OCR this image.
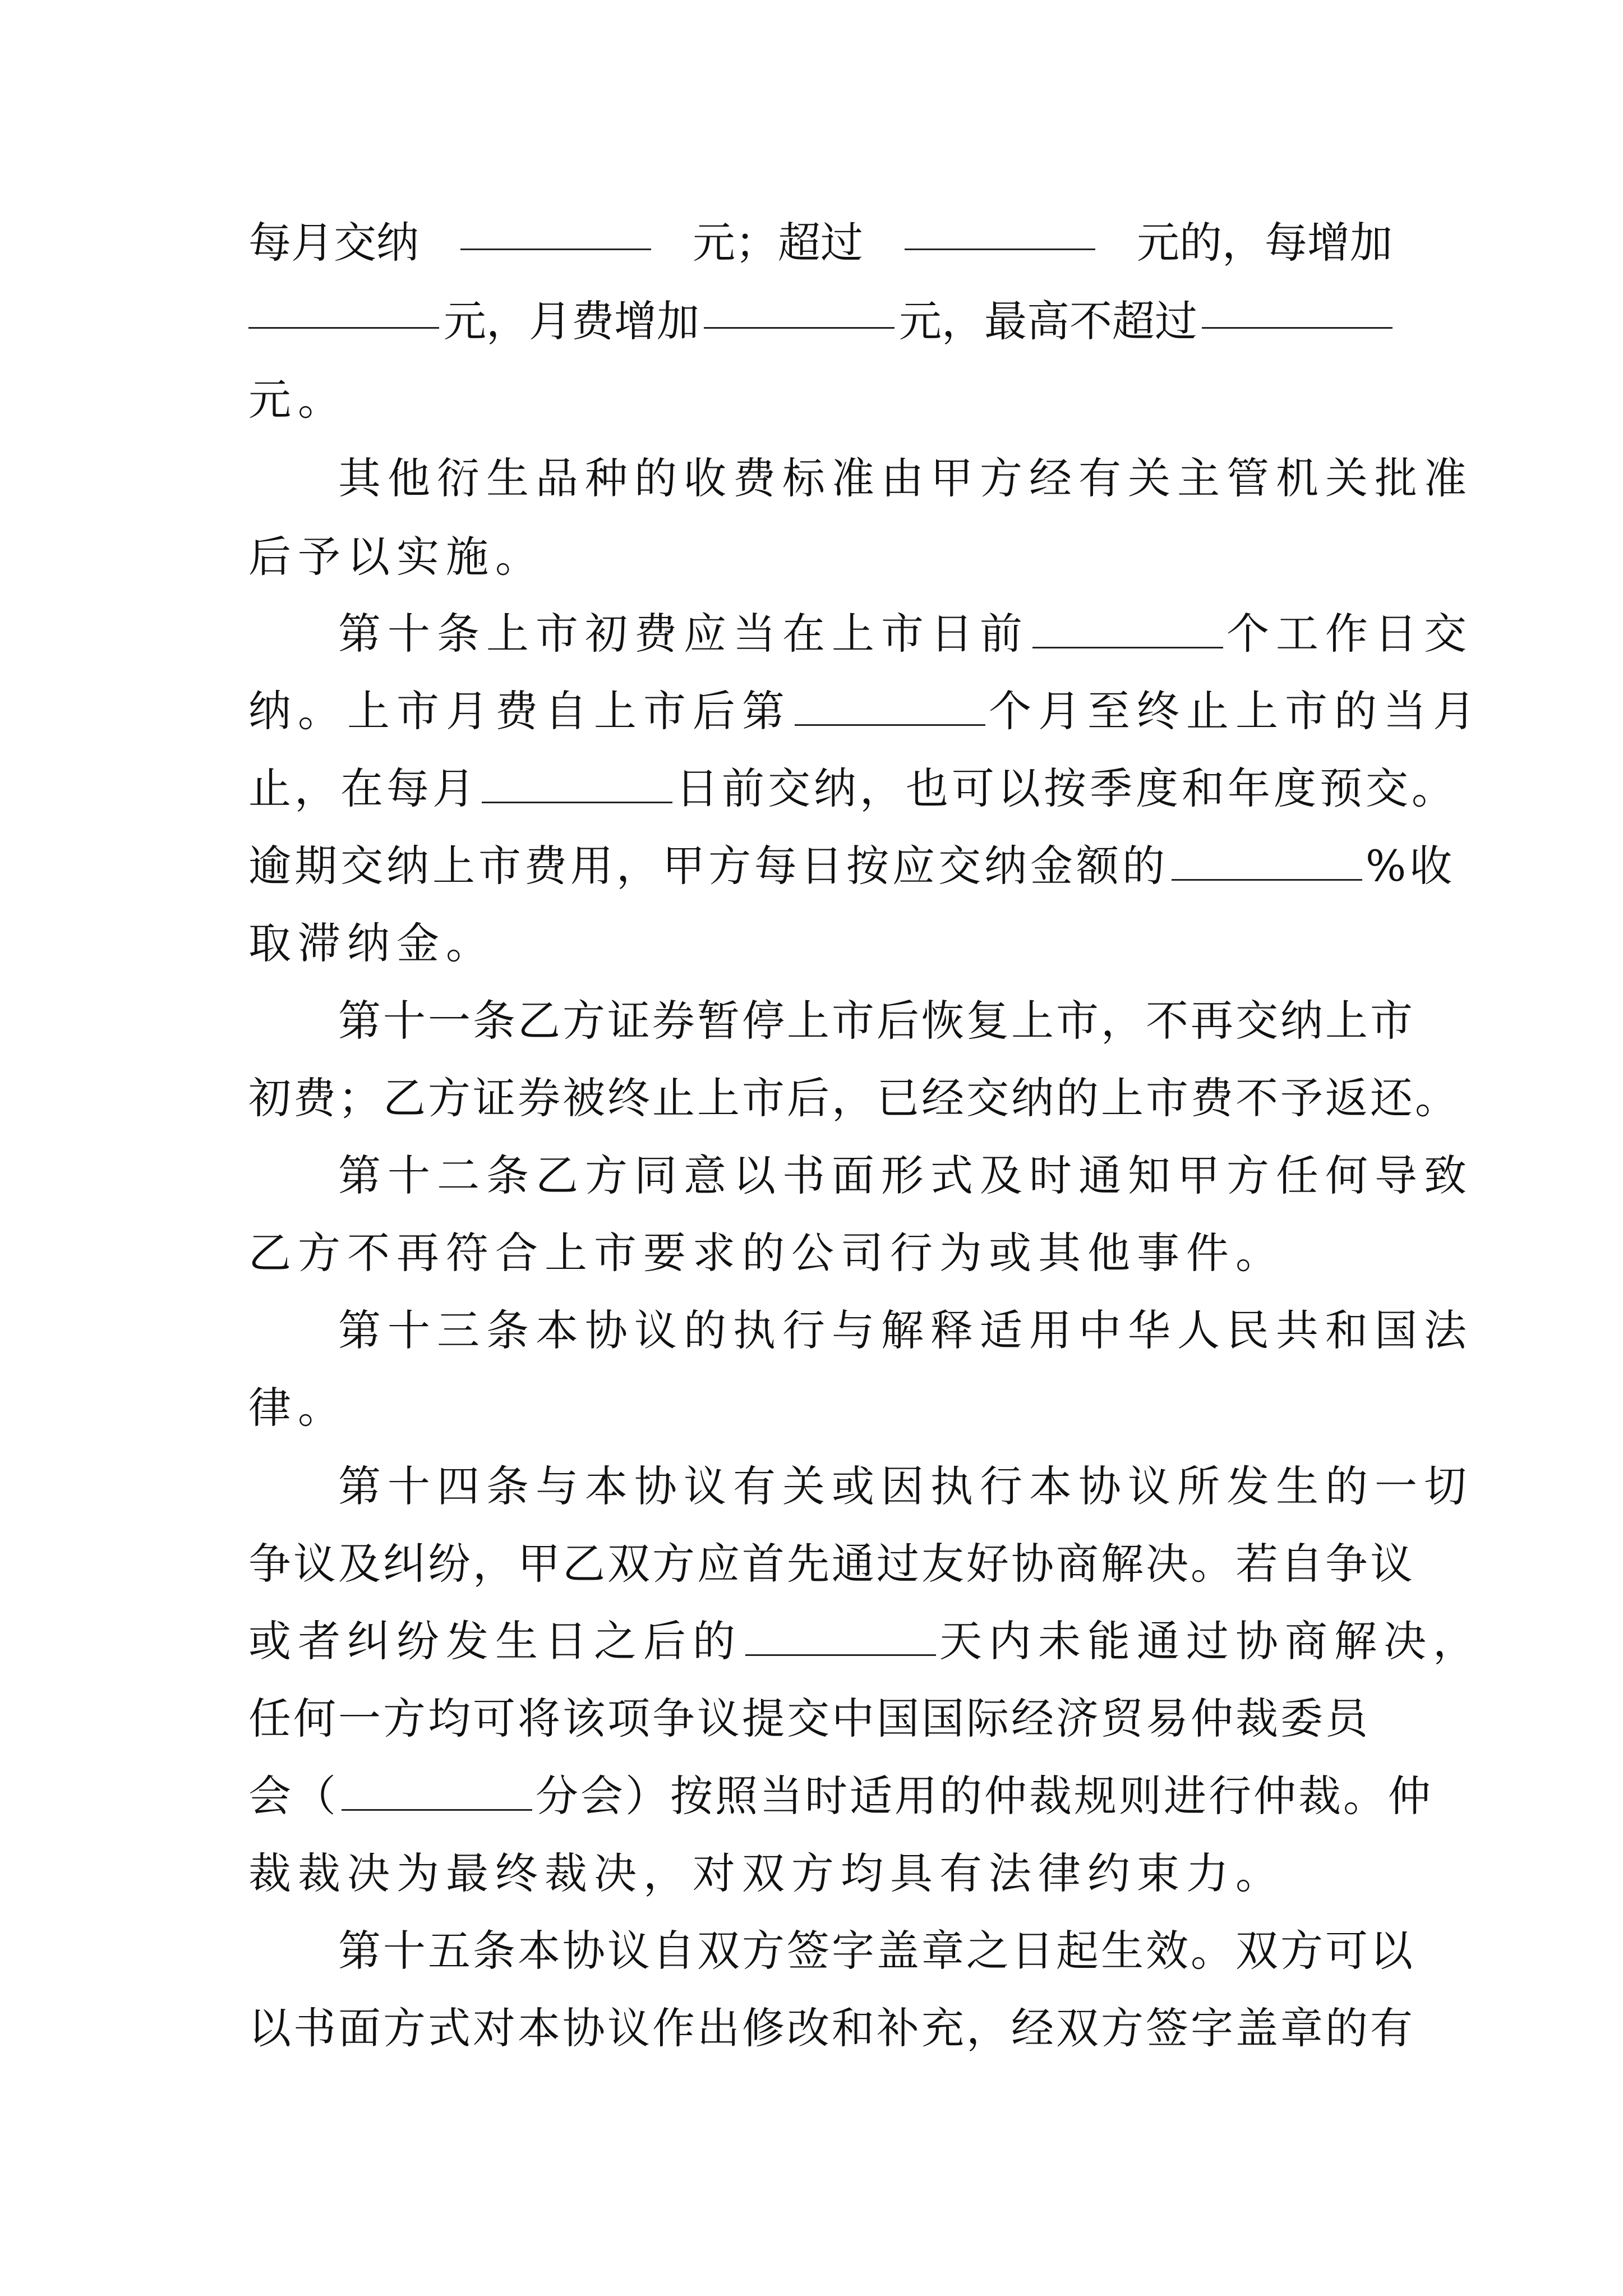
每月交纳	元；超过	元的，每增加
元，月费增加	元，最高不超过
元。
其他衍生品种的收费标准由甲方经有关主管机关批准
后予以实施。
第十条上市初费应当在上市日前	个工作日交
纳。上市月费自上市后第	个月至终止上市的当月
止，在每月	日前交纳，也可以按季度和年度预交。
逾期交纳上市费用，甲方每日按应交纳金额的	%收
取滞纳金。
第十一条乙方证券暂停上市后恢复上市，不再交纳上市
初费；乙方证券被终止上市后，已经交纳的上市费不予返还。
第十二条乙方同意以书面形式及时通知甲方任何导致
乙方不再符合上市要求的公司行为或其他事件。
第十三条本协议的执行与解释适用中华人民共和国法
律。
第十四条与本协议有关或因执行本协议所发生的一切
争议及纠纷，甲乙双方应首先通过友好协商解决。若自争议
或者纠纷发生日之后的	天内未能通过协商解决，
任何一方均可将该项争议提交中国国际经济贸易仲裁委员
会（	分会）按照当时适用的仲裁规则进行仲裁。仲
裁裁决为最终裁决，对双方均具有法律约束力。
第十五条本协议自双方签字盖章之日起生效。双方可以
以书面方式对本协议作出修改和补充，经双方签字盖章的有
